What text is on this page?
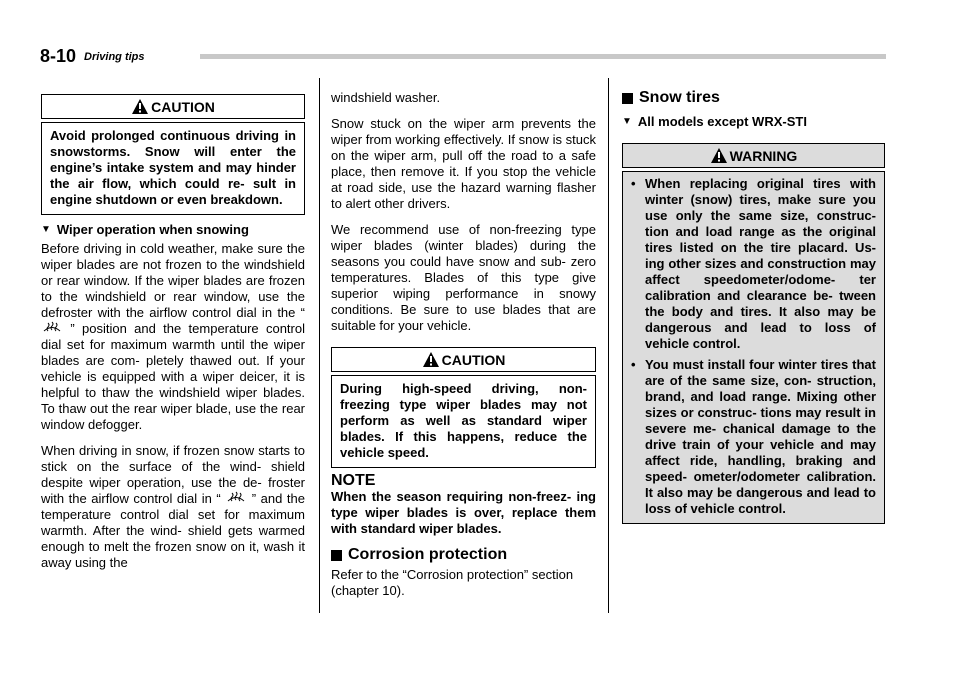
8-10 Driving tips
CAUTION
Avoid prolonged continuous driving in snowstorms. Snow will enter the engine’s intake system and may hinder the air flow, which could re- sult in engine shutdown or even breakdown.
▼ Wiper operation when snowing

Before driving in cold weather, make sure the wiper blades are not frozen to the windshield or rear window. If the wiper blades are frozen to the windshield or rear window, use the defroster with the airflow control dial in the “  ” position and the temperature control dial set for maximum warmth until the wiper blades are com- pletely thawed out. If your vehicle is equipped with a wiper deicer, it is helpful to thaw the windshield wiper blades. To thaw out the rear wiper blade, use the rear window defogger.

When driving in snow, if frozen snow starts to stick on the surface of the wind- shield despite wiper operation, use the de- froster with the airflow control dial in “ ” and the temperature control dial set for maximum warmth. After the wind- shield gets warmed enough to melt the frozen snow on it, wash it away using the

windshield washer.

Snow stuck on the wiper arm prevents the wiper from working effectively. If snow is stuck on the wiper arm, pull off the road to a safe place, then remove it. If you stop the vehicle at road side, use the hazard warning flasher to alert other drivers.

We recommend use of non-freezing type wiper blades (winter blades) during the seasons you could have snow and sub- zero temperatures. Blades of this type give superior wiping performance in snowy conditions. Be sure to use blades that are suitable for your vehicle.

CAUTION
During high-speed driving, non- freezing type wiper blades may not perform as well as standard wiper blades. If this happens, reduce the vehicle speed.
NOTE
When the season requiring non-freez- ing type wiper blades is over, replace them with standard wiper blades.
Corrosion protection

Refer to the “Corrosion protection” section (chapter 10).

Snow tires
▼ All models except WRX-STI
WARNING
• When replacing original tires with winter (snow) tires, make sure you use only the same size, construc- tion and load range as the original tires listed on the tire placard. Us- ing other sizes and construction may affect speedometer/odome- ter calibration and clearance be- tween the body and tires. It also may be dangerous and lead to loss of vehicle control.
• You must install four winter tires that are of the same size, con- struction, brand, and load range. Mixing other sizes or construc- tions may result in severe me- chanical damage to the drive train of your vehicle and may affect ride, handling, braking and speed- ometer/odometer calibration. It also may be dangerous and lead to loss of vehicle control.
